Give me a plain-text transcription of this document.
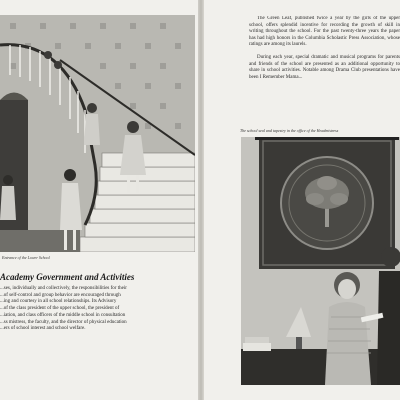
Entrance of the Lower School
Academy Government and Activities

...ses, individually and collectively, the responsibilities for their

...of self-control and group behavior are encouraged through

...ing and courtesy in all school relationships. Its Advisory

...of the class president of the upper school, the president of

...iation, and class officers of the middle school in consultation

...ss mistress, the faculty, and the director of physical education

...ers of school interest and school welfare.

The Green Leaf, published twice a year by the girls of the upper school, offers splendid incentive for recording the growth of skill in writing throughout the school. For the past twenty-three years the paper has had high honors in the Columbia Scholastic Press Association, whose ratings are among its laurels.

During each year, special dramatic and musical programs for parents and friends of the school are presented as an additional opportunity to share in school activities. Notable among Drama Club presentations have been I Remember Mama...

The school seal and tapestry in the office of the Headmistress
